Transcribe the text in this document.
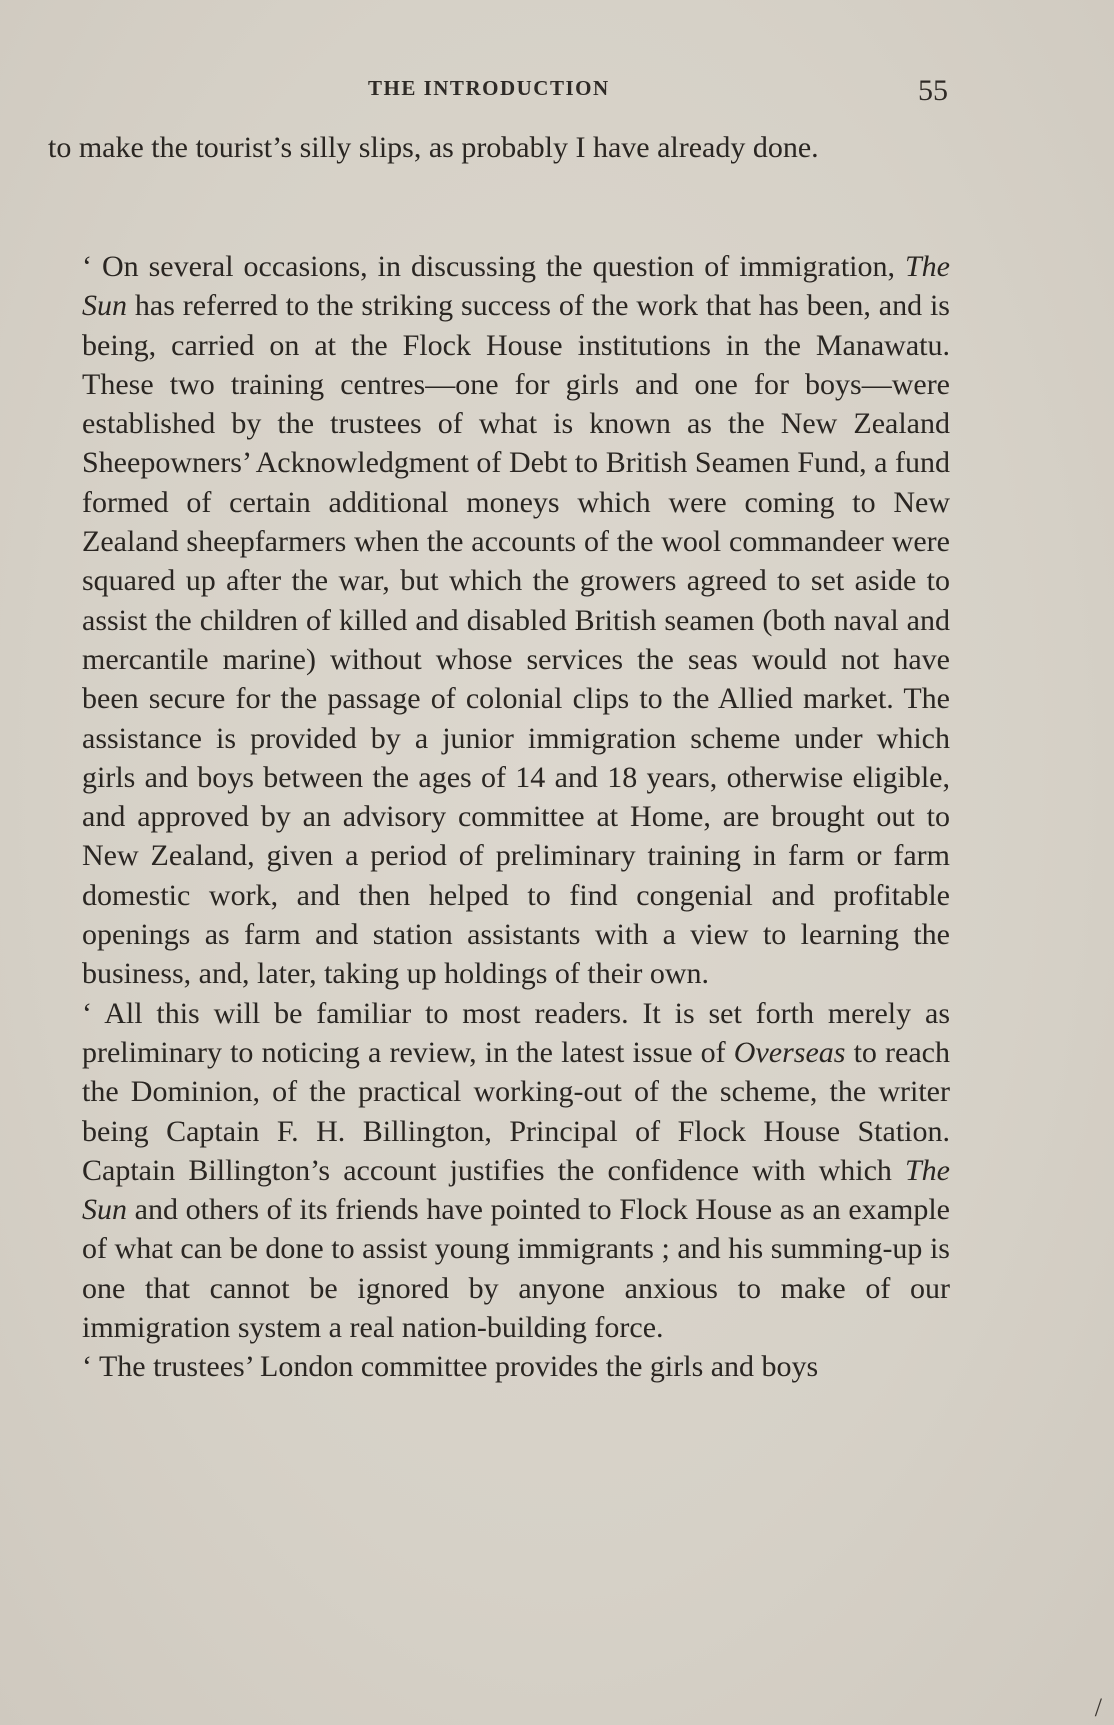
THE INTRODUCTION	55
to make the tourist’s silly slips, as probably I have already done.

‘ On several occasions, in discussing the question of immigration, The Sun has referred to the striking success of the work that has been, and is being, carried on at the Flock House institutions in the Manawatu. These two training centres—one for girls and one for boys—were established by the trustees of what is known as the New Zealand Sheepowners’ Acknowledgment of Debt to British Seamen Fund, a fund formed of certain additional moneys which were coming to New Zealand sheepfarmers when the accounts of the wool commandeer were squared up after the war, but which the growers agreed to set aside to assist the children of killed and disabled British seamen (both naval and mercantile marine) without whose services the seas would not have been secure for the passage of colonial clips to the Allied market. The assistance is provided by a junior immigration scheme under which girls and boys between the ages of 14 and 18 years, otherwise eligible, and approved by an advisory committee at Home, are brought out to New Zealand, given a period of preliminary training in farm or farm domestic work, and then helped to find congenial and profitable openings as farm and station assistants with a view to learning the business, and, later, taking up holdings of their own.

‘ All this will be familiar to most readers. It is set forth merely as preliminary to noticing a review, in the latest issue of Overseas to reach the Dominion, of the practical working-out of the scheme, the writer being Captain F. H. Billington, Principal of Flock House Station. Captain Billington’s account justifies the confidence with which The Sun and others of its friends have pointed to Flock House as an example of what can be done to assist young immigrants ; and his summing-up is one that cannot be ignored by anyone anxious to make of our immigration system a real nation-building force.

‘ The trustees’ London committee provides the girls and boys

/
